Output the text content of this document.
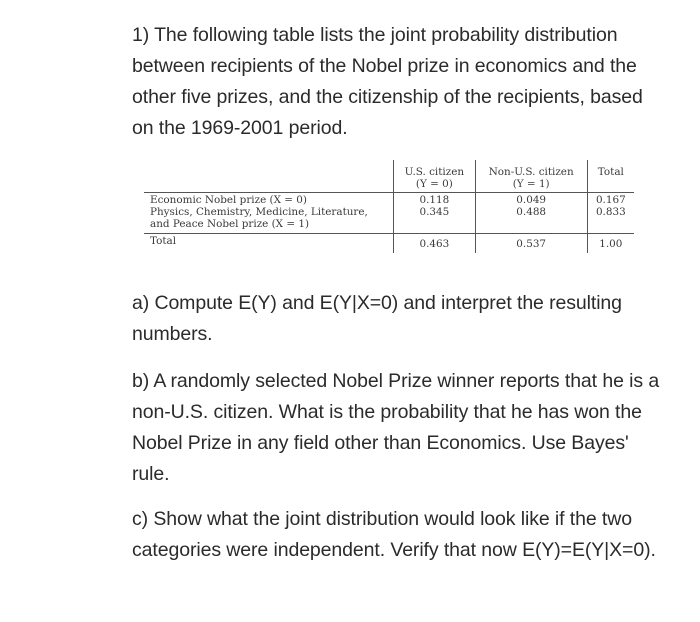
1) The following table lists the joint probability distribution between recipients of the Nobel prize in economics and the other five prizes, and the citizenship of the recipients, based on the 1969-2001 period.

	U.S. citizen	Non-U.S. citizen	Total
	(Y = 0)	(Y = 1)	
Economic Nobel prize (X = 0)	0.118	0.049	0.167
Physics, Chemistry, Medicine, Literature,	0.345	0.488	0.833
and Peace Nobel prize (X = 1)			
Total	0.463	0.537	1.00

a) Compute E(Y) and E(Y|X=0) and interpret the resulting numbers.

b) A randomly selected Nobel Prize winner reports that he is a non-U.S. citizen. What is the probability that he has won the Nobel Prize in any field other than Economics. Use Bayes' rule.

c) Show what the joint distribution would look like if the two categories were independent. Verify that now E(Y)=E(Y|X=0).
